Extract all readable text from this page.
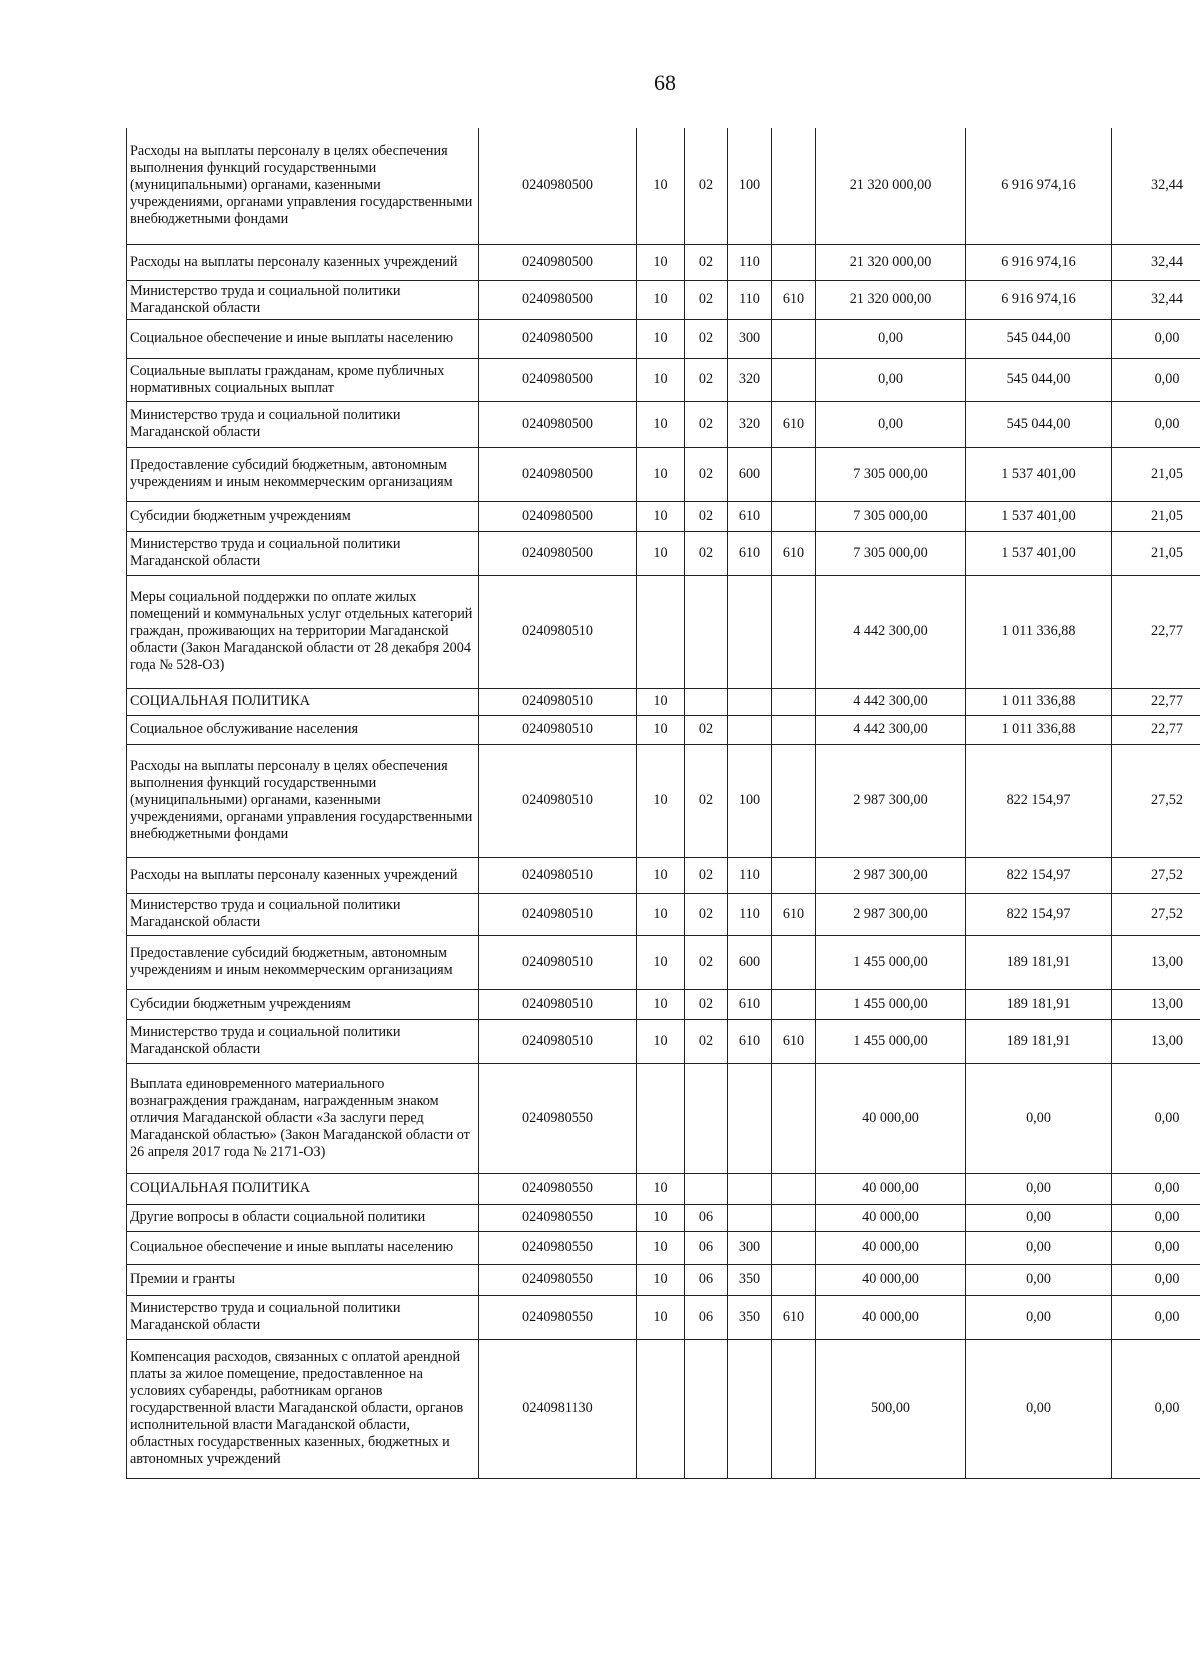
68
Расходы на выплаты персоналу в целях обеспечения выполнения функций государственными (муниципальными) органами, казенными учреждениями, органами управления государственными внебюджетными фондами	0240980500	10	02	100		21 320 000,00	6 916 974,16	32,44
Расходы на выплаты персоналу казенных учреждений	0240980500	10	02	110		21 320 000,00	6 916 974,16	32,44
Министерство труда и социальной политики Магаданской области	0240980500	10	02	110	610	21 320 000,00	6 916 974,16	32,44
Социальное обеспечение и иные выплаты населению	0240980500	10	02	300		0,00	545 044,00	0,00
Социальные выплаты гражданам, кроме публичных нормативных социальных выплат	0240980500	10	02	320		0,00	545 044,00	0,00
Министерство труда и социальной политики Магаданской области	0240980500	10	02	320	610	0,00	545 044,00	0,00
Предоставление субсидий бюджетным, автономным учреждениям и иным некоммерческим организациям	0240980500	10	02	600		7 305 000,00	1 537 401,00	21,05
Субсидии бюджетным учреждениям	0240980500	10	02	610		7 305 000,00	1 537 401,00	21,05
Министерство труда и социальной политики Магаданской области	0240980500	10	02	610	610	7 305 000,00	1 537 401,00	21,05
Меры социальной поддержки по оплате жилых помещений и коммунальных услуг отдельных категорий граждан, проживающих на территории Магаданской области (Закон Магаданской области от 28 декабря 2004 года № 528-ОЗ)	0240980510					4 442 300,00	1 011 336,88	22,77
СОЦИАЛЬНАЯ ПОЛИТИКА	0240980510	10				4 442 300,00	1 011 336,88	22,77
Социальное обслуживание населения	0240980510	10	02			4 442 300,00	1 011 336,88	22,77
Расходы на выплаты персоналу в целях обеспечения выполнения функций государственными (муниципальными) органами, казенными учреждениями, органами управления государственными внебюджетными фондами	0240980510	10	02	100		2 987 300,00	822 154,97	27,52
Расходы на выплаты персоналу казенных учреждений	0240980510	10	02	110		2 987 300,00	822 154,97	27,52
Министерство труда и социальной политики Магаданской области	0240980510	10	02	110	610	2 987 300,00	822 154,97	27,52
Предоставление субсидий бюджетным, автономным учреждениям и иным некоммерческим организациям	0240980510	10	02	600		1 455 000,00	189 181,91	13,00
Субсидии бюджетным учреждениям	0240980510	10	02	610		1 455 000,00	189 181,91	13,00
Министерство труда и социальной политики Магаданской области	0240980510	10	02	610	610	1 455 000,00	189 181,91	13,00
Выплата единовременного материального вознаграждения гражданам, награжденным знаком отличия Магаданской области «За заслуги перед Магаданской областью» (Закон Магаданской области от 26 апреля 2017 года № 2171-ОЗ)	0240980550					40 000,00	0,00	0,00
СОЦИАЛЬНАЯ ПОЛИТИКА	0240980550	10				40 000,00	0,00	0,00
Другие вопросы в области социальной политики	0240980550	10	06			40 000,00	0,00	0,00
Социальное обеспечение и иные выплаты населению	0240980550	10	06	300		40 000,00	0,00	0,00
Премии и гранты	0240980550	10	06	350		40 000,00	0,00	0,00
Министерство труда и социальной политики Магаданской области	0240980550	10	06	350	610	40 000,00	0,00	0,00
Компенсация расходов, связанных с оплатой арендной платы за жилое помещение, предоставленное на условиях субаренды, работникам органов государственной власти Магаданской области, органов исполнительной власти Магаданской области, областных государственных казенных, бюджетных и автономных учреждений	0240981130					500,00	0,00	0,00
